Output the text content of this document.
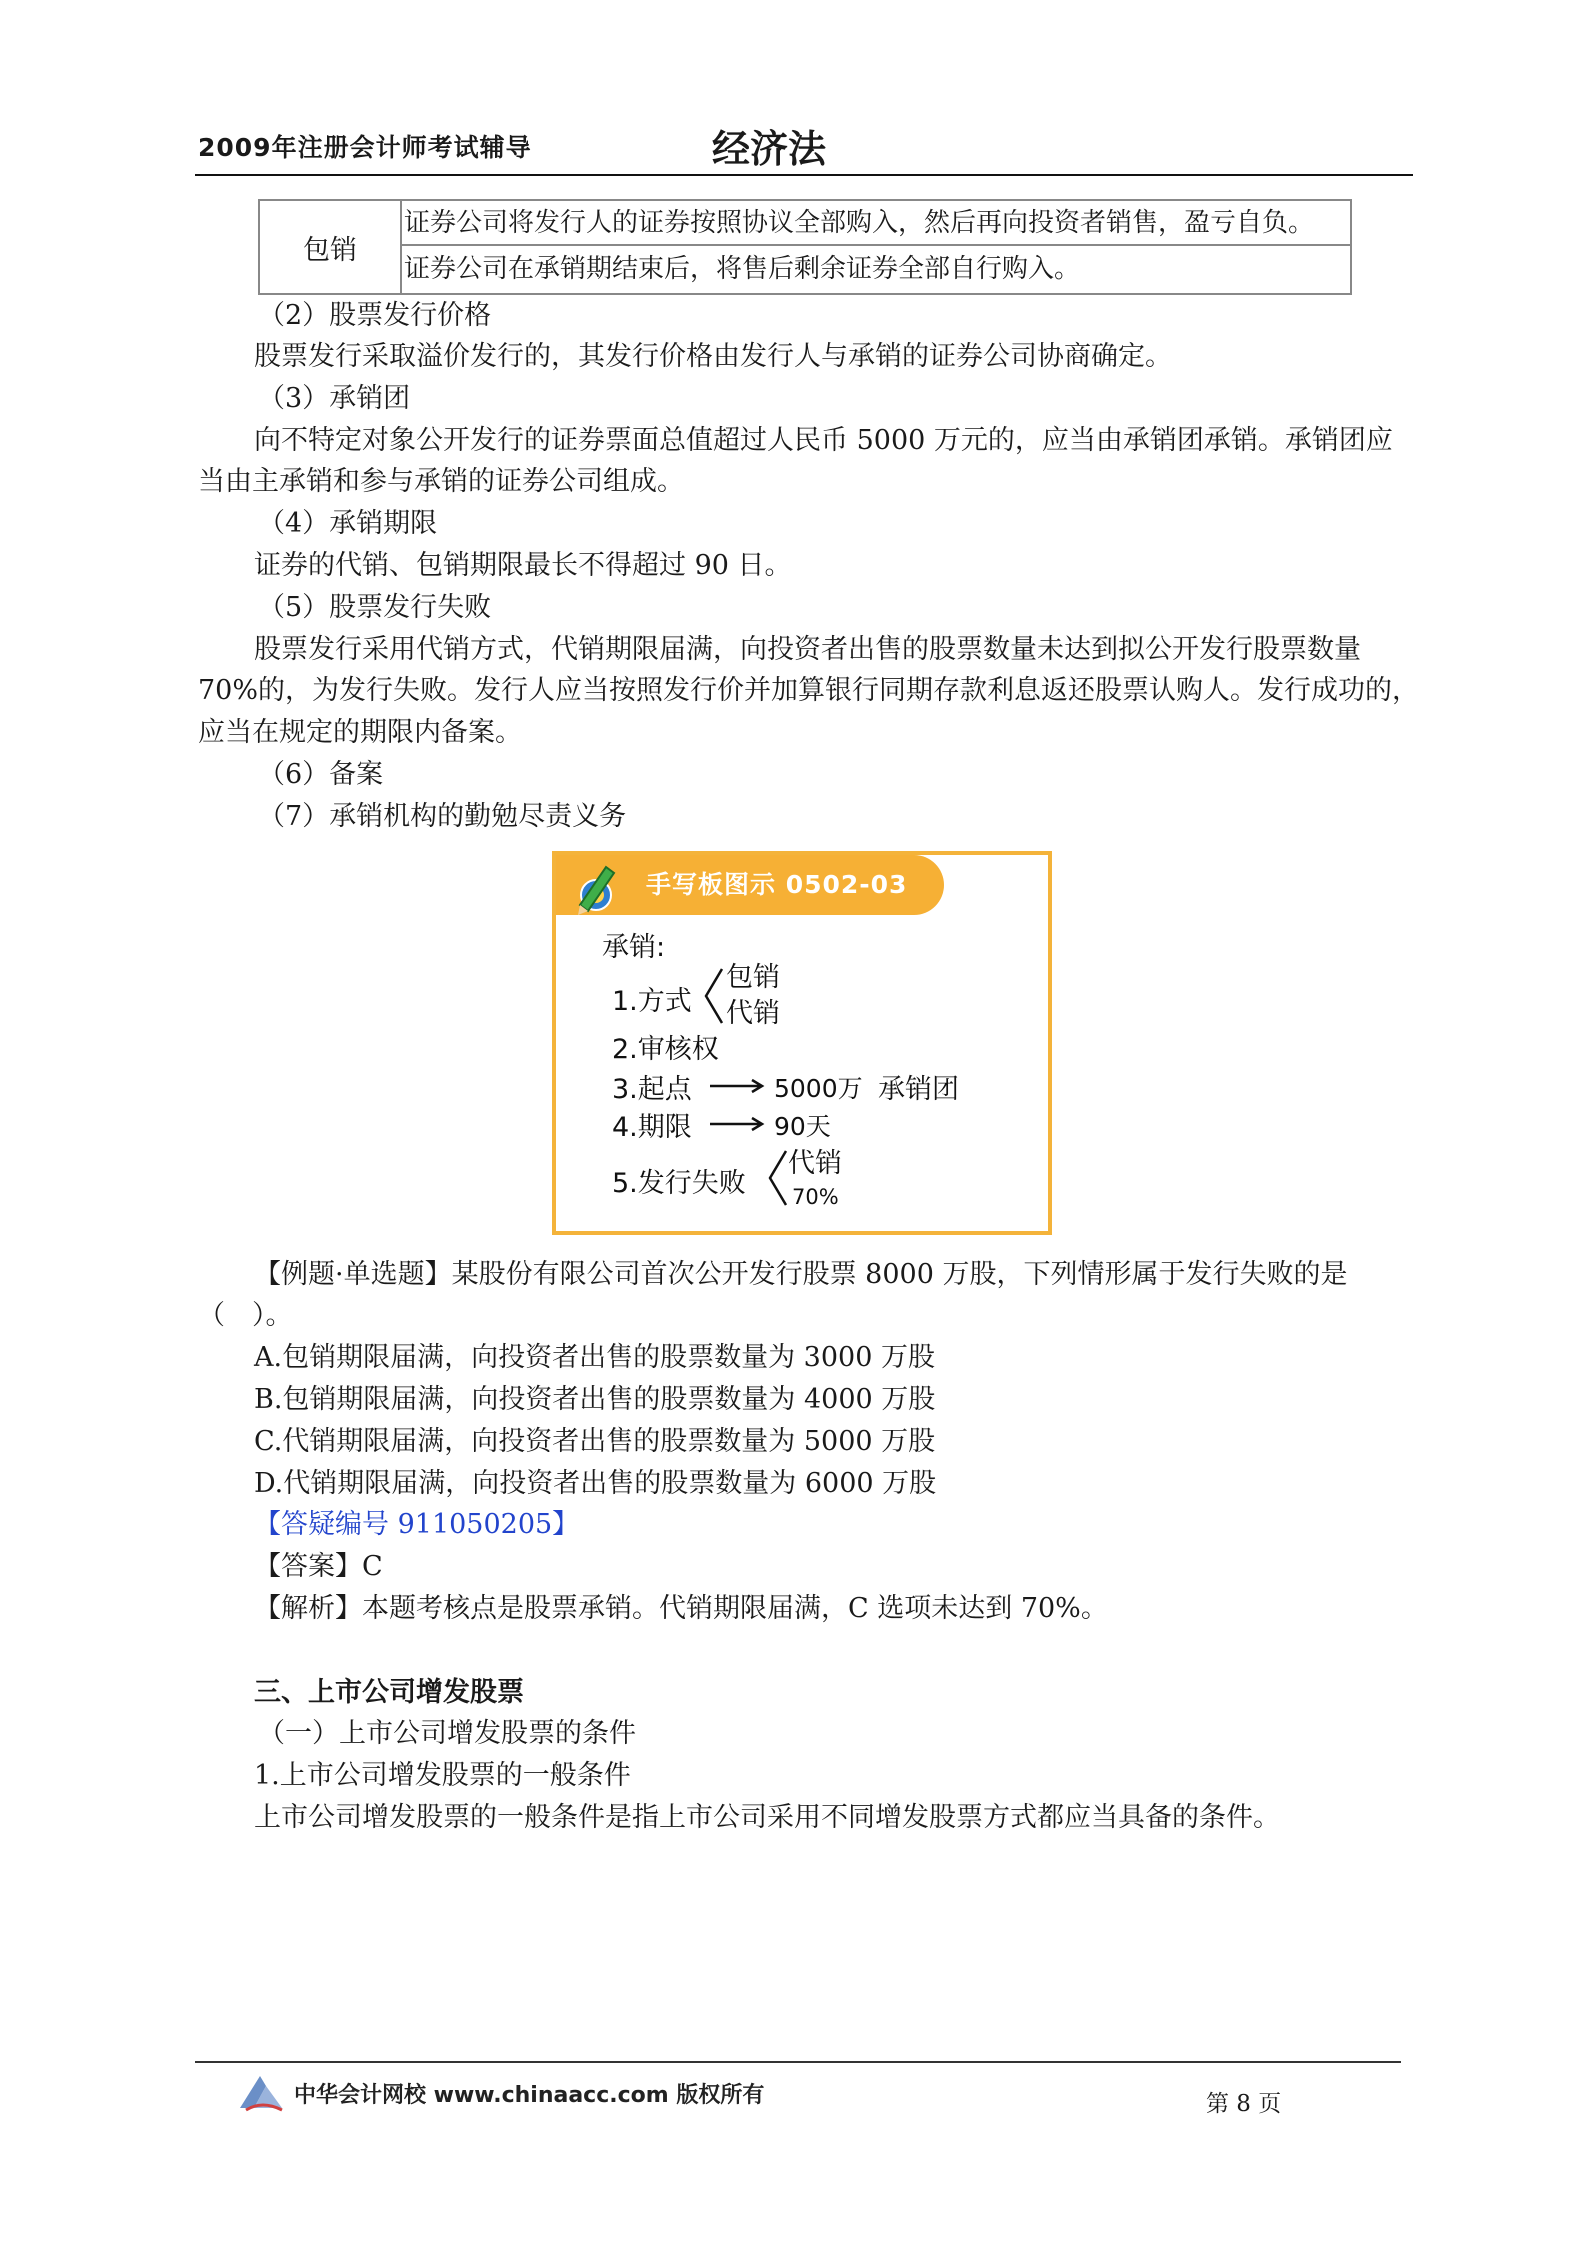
2009年注册会计师考试辅导	经济法
包销
证券公司将发行人的证券按照协议全部购入，然后再向投资者销售，盈亏自负。
证券公司在承销期结束后，将售后剩余证券全部自行购入。
（2）股票发行价格
股票发行采取溢价发行的，其发行价格由发行人与承销的证券公司协商确定。
（3）承销团
向不特定对象公开发行的证券票面总值超过人民币 5000 万元的，应当由承销团承销。承销团应
当由主承销和参与承销的证券公司组成。
（4）承销期限
证券的代销、包销期限最长不得超过 90 日。
（5）股票发行失败
股票发行采用代销方式，代销期限届满，向投资者出售的股票数量未达到拟公开发行股票数量
70%的，为发行失败。发行人应当按照发行价并加算银行同期存款利息返还股票认购人。发行成功的，
应当在规定的期限内备案。
（6）备案
（7）承销机构的勤勉尽责义务
手写板图示 0502-03
承销:
1.方式
包销
代销
2.审核权
3.起点	5000万 承销团
4.期限	90天
5.发行失败
代销
70%
【例题·单选题】某股份有限公司首次公开发行股票 8000 万股，下列情形属于发行失败的是
（　）。
A.包销期限届满，向投资者出售的股票数量为 3000 万股
B.包销期限届满，向投资者出售的股票数量为 4000 万股
C.代销期限届满，向投资者出售的股票数量为 5000 万股
D.代销期限届满，向投资者出售的股票数量为 6000 万股
【答疑编号 911050205】
【答案】C
【解析】本题考核点是股票承销。代销期限届满，C 选项未达到 70%。
三、上市公司增发股票
（一）上市公司增发股票的条件
1.上市公司增发股票的一般条件
上市公司增发股票的一般条件是指上市公司采用不同增发股票方式都应当具备的条件。
中华会计网校 www.chinaacc.com 版权所有	第 8 页
